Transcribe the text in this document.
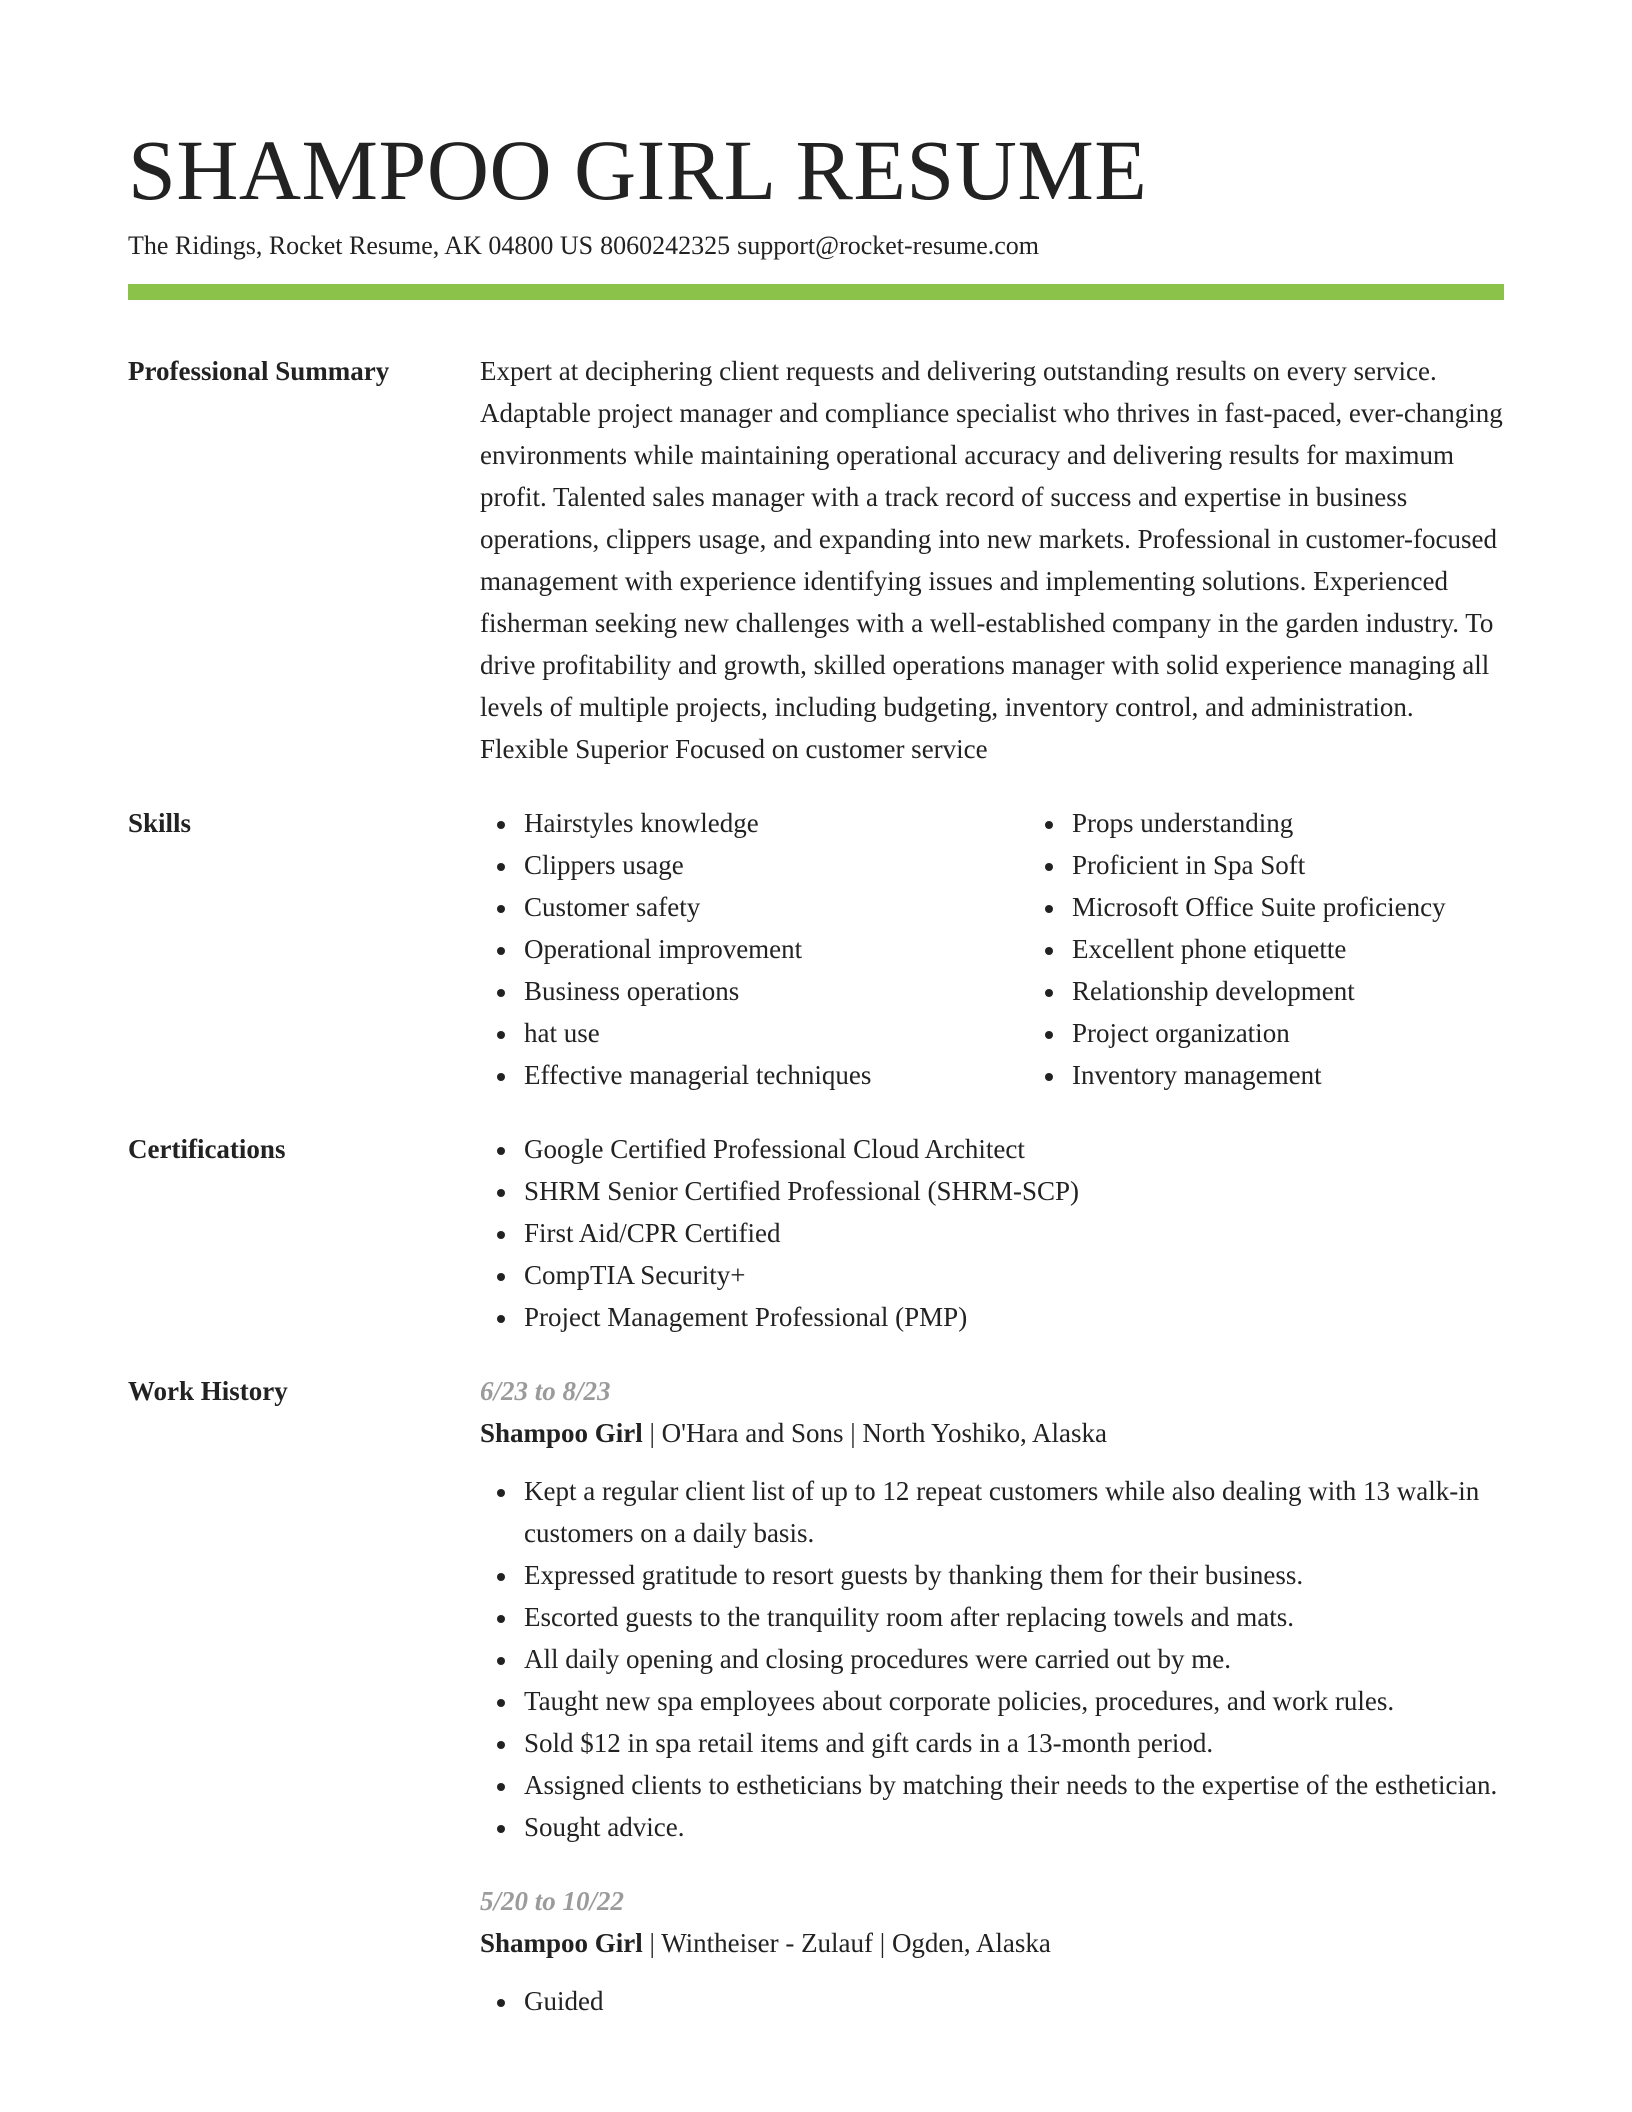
SHAMPOO GIRL RESUME
The Ridings, Rocket Resume, AK 04800 US 8060242325 support@rocket-resume.com
Professional Summary	Expert at deciphering client requests and delivering outstanding results on every service. Adaptable project manager and compliance specialist who thrives in fast-paced, ever-changing environments while maintaining operational accuracy and delivering results for maximum profit. Talented sales manager with a track record of success and expertise in business operations, clippers usage, and expanding into new markets. Professional in customer-focused management with experience identifying issues and implementing solutions. Experienced fisherman seeking new challenges with a well-established company in the garden industry. To drive profitability and growth, skilled operations manager with solid experience managing all levels of multiple projects, including budgeting, inventory control, and administration. Flexible Superior Focused on customer service

Skills	Hairstyles knowledge
Clippers usage
Customer safety
Operational improvement
Business operations
hat use
Effective managerial techniques
Props understanding
Proficient in Spa Soft
Microsoft Office Suite proficiency
Excellent phone etiquette
Relationship development
Project organization
Inventory management
Certifications	Google Certified Professional Cloud Architect
SHRM Senior Certified Professional (SHRM-SCP)
First Aid/CPR Certified
CompTIA Security+
Project Management Professional (PMP)
Work History	6/23 to 8/23
Shampoo Girl | O'Hara and Sons | North Yoshiko, Alaska
Kept a regular client list of up to 12 repeat customers while also dealing with 13 walk-in customers on a daily basis.
Expressed gratitude to resort guests by thanking them for their business.
Escorted guests to the tranquility room after replacing towels and mats.
All daily opening and closing procedures were carried out by me.
Taught new spa employees about corporate policies, procedures, and work rules.
Sold $12 in spa retail items and gift cards in a 13-month period.
Assigned clients to estheticians by matching their needs to the expertise of the esthetician.
Sought advice.
5/20 to 10/22
Shampoo Girl | Wintheiser - Zulauf | Ogden, Alaska
Guided
